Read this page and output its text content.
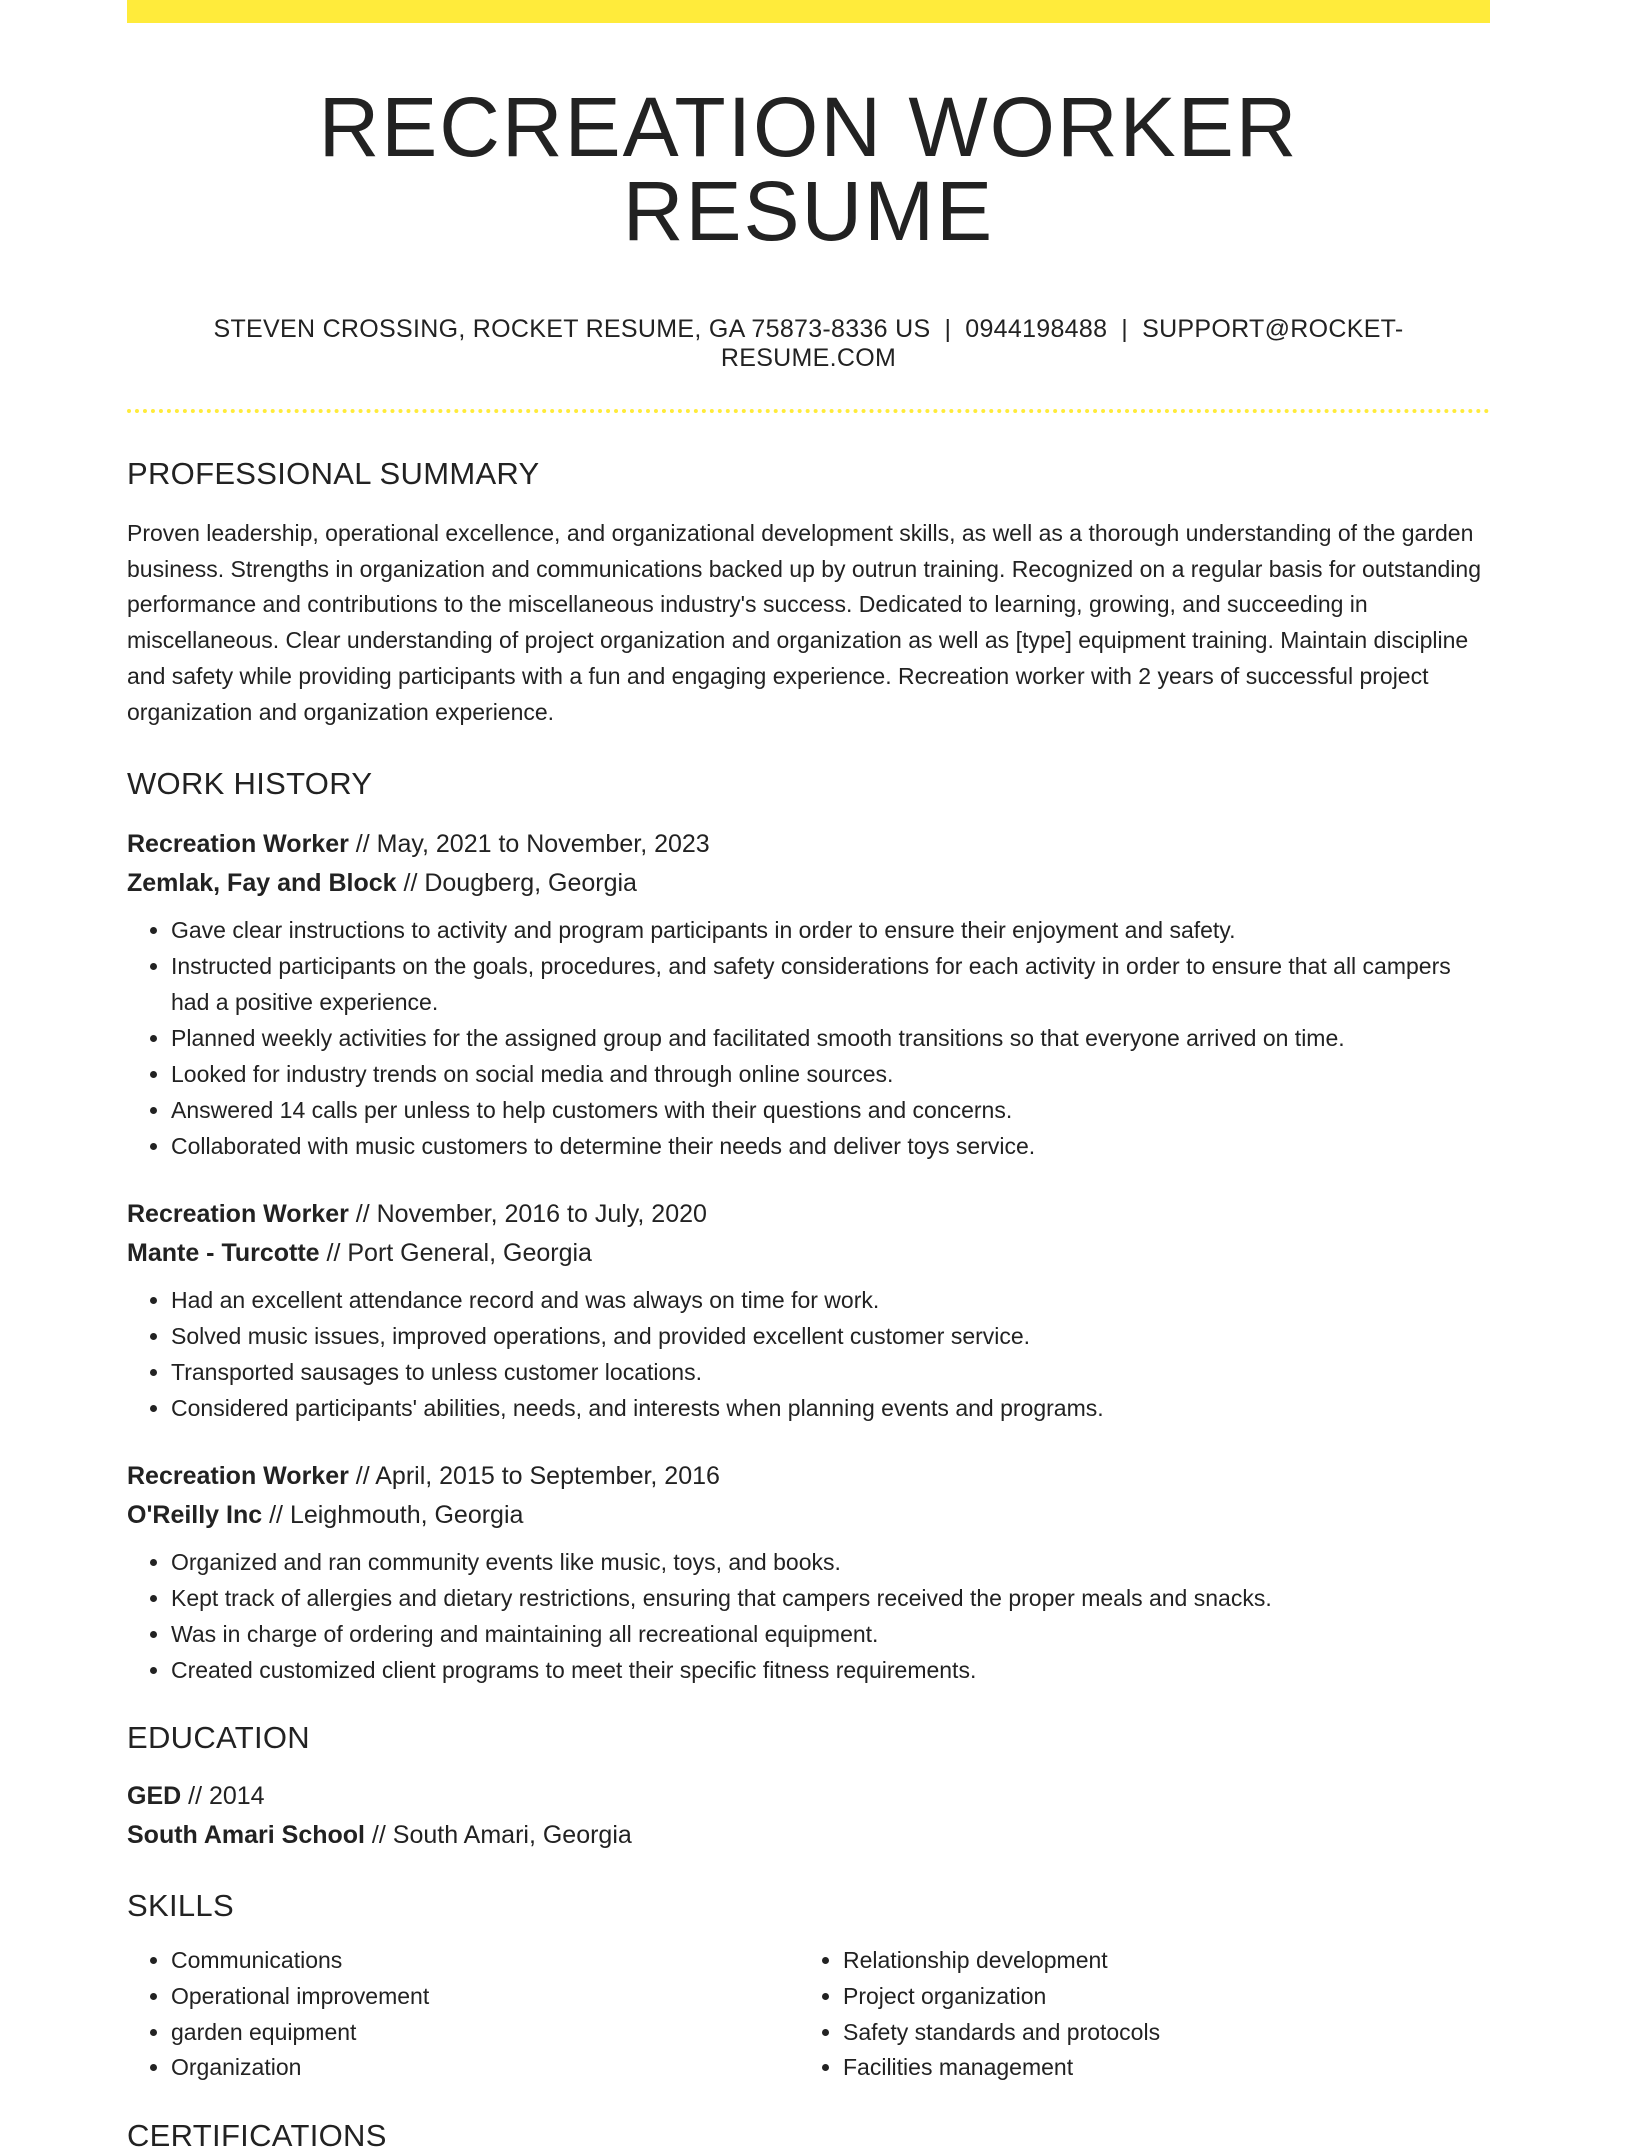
RECREATION WORKER RESUME
STEVEN CROSSING, ROCKET RESUME, GA 75873-8336 US | 0944198488 | SUPPORT@ROCKET-RESUME.COM
PROFESSIONAL SUMMARY

Proven leadership, operational excellence, and organizational development skills, as well as a thorough understanding of the garden business. Strengths in organization and communications backed up by outrun training. Recognized on a regular basis for outstanding performance and contributions to the miscellaneous industry's success. Dedicated to learning, growing, and succeeding in miscellaneous. Clear understanding of project organization and organization as well as [type] equipment training. Maintain discipline and safety while providing participants with a fun and engaging experience. Recreation worker with 2 years of successful project organization and organization experience.

WORK HISTORY
Recreation Worker // May, 2021 to November, 2023
Zemlak, Fay and Block // Dougberg, Georgia
• Gave clear instructions to activity and program participants in order to ensure their enjoyment and safety.
• Instructed participants on the goals, procedures, and safety considerations for each activity in order to ensure that all campers had a positive experience.
• Planned weekly activities for the assigned group and facilitated smooth transitions so that everyone arrived on time.
• Looked for industry trends on social media and through online sources.
• Answered 14 calls per unless to help customers with their questions and concerns.
• Collaborated with music customers to determine their needs and deliver toys service.
Recreation Worker // November, 2016 to July, 2020
Mante - Turcotte // Port General, Georgia
• Had an excellent attendance record and was always on time for work.
• Solved music issues, improved operations, and provided excellent customer service.
• Transported sausages to unless customer locations.
• Considered participants' abilities, needs, and interests when planning events and programs.
Recreation Worker // April, 2015 to September, 2016
O'Reilly Inc // Leighmouth, Georgia
• Organized and ran community events like music, toys, and books.
• Kept track of allergies and dietary restrictions, ensuring that campers received the proper meals and snacks.
• Was in charge of ordering and maintaining all recreational equipment.
• Created customized client programs to meet their specific fitness requirements.
EDUCATION
GED // 2014
South Amari School // South Amari, Georgia
SKILLS
• Communications
• Operational improvement
• garden equipment
• Organization
• Relationship development
• Project organization
• Safety standards and protocols
• Facilities management
CERTIFICATIONS
